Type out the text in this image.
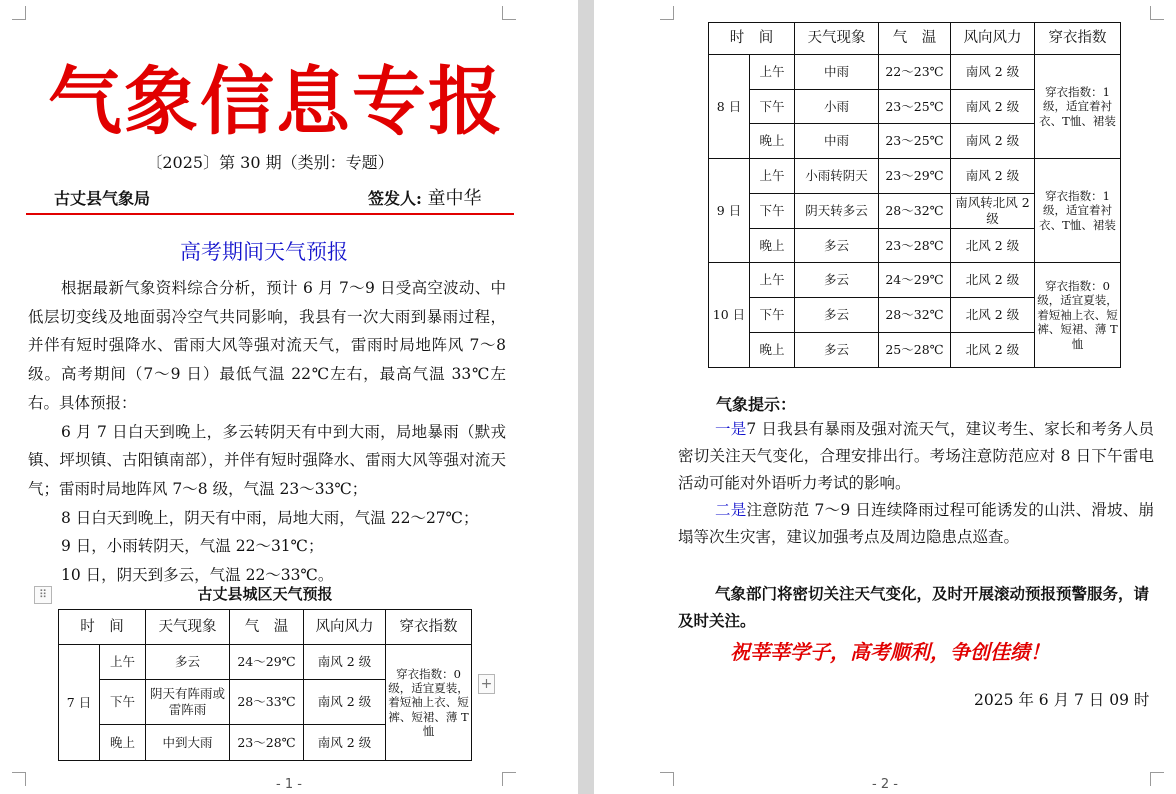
气象信息专报
〔2025〕第 30 期（类别：专题）
古丈县气象局	签发人: 童中华
高考期间天气预报

根据最新气象资料综合分析，预计 6 月 7～9 日受高空波动、中低层切变线及地面弱冷空气共同影响，我县有一次大雨到暴雨过程，并伴有短时强降水、雷雨大风等强对流天气，雷雨时局地阵风 7～8 级。高考期间（7～9 日）最低气温 22℃左右，最高气温 33℃左右。具体预报：

6 月 7 日白天到晚上，多云转阴天有中到大雨，局地暴雨（默戎镇、坪坝镇、古阳镇南部），并伴有短时强降水、雷雨大风等强对流天气；雷雨时局地阵风 7～8 级，气温 23～33℃；

8 日白天到晚上，阴天有中雨，局地大雨，气温 22～27℃；

9 日，小雨转阴天，气温 22～31℃；

10 日，阴天到多云，气温 22～33℃。

⠿	古丈县城区天气预报
时　间		天气现象	气　温	风向风力	穿衣指数
7 日	上午	多云	24～29℃	南风 2 级	穿衣指数：0 级，适宜夏装，着短袖上衣、短裤、短裙、薄 T恤
	下午	阴天有阵雨或雷阵雨	28～33℃	南风 2 级	
	晚上	中到大雨	23～28℃	南风 2 级	
+
- 1 -
时　间		天气现象	气　温	风向风力	穿衣指数
8 日	上午	中雨	22～23℃	南风 2 级	穿衣指数：1 级，适宜着衬衣、T恤、裙装
	下午	小雨	23～25℃	南风 2 级	
	晚上	中雨	23～25℃	南风 2 级	
9 日	上午	小雨转阴天	23～29℃	南风 2 级	穿衣指数：1 级，适宜着衬衣、T恤、裙装
	下午	阴天转多云	28～32℃	南风转北风 2 级	
	晚上	多云	23～28℃	北风 2 级	
10 日	上午	多云	24～29℃	北风 2 级	穿衣指数：0 级，适宜夏装，着短袖上衣、短裤、短裙、薄 T恤
	下午	多云	28～32℃	北风 2 级	
	晚上	多云	25～28℃	北风 2 级	
气象提示：

一是7 日我县有暴雨及强对流天气，建议考生、家长和考务人员密切关注天气变化，合理安排出行。考场注意防范应对 8 日下午雷电活动可能对外语听力考试的影响。

二是注意防范 7～9 日连续降雨过程可能诱发的山洪、滑坡、崩塌等次生灾害，建议加强考点及周边隐患点巡查。

气象部门将密切关注天气变化，及时开展滚动预报预警服务，请及时关注。
祝莘莘学子，高考顺利，争创佳绩！
2025 年 6 月 7 日 09 时
- 2 -
